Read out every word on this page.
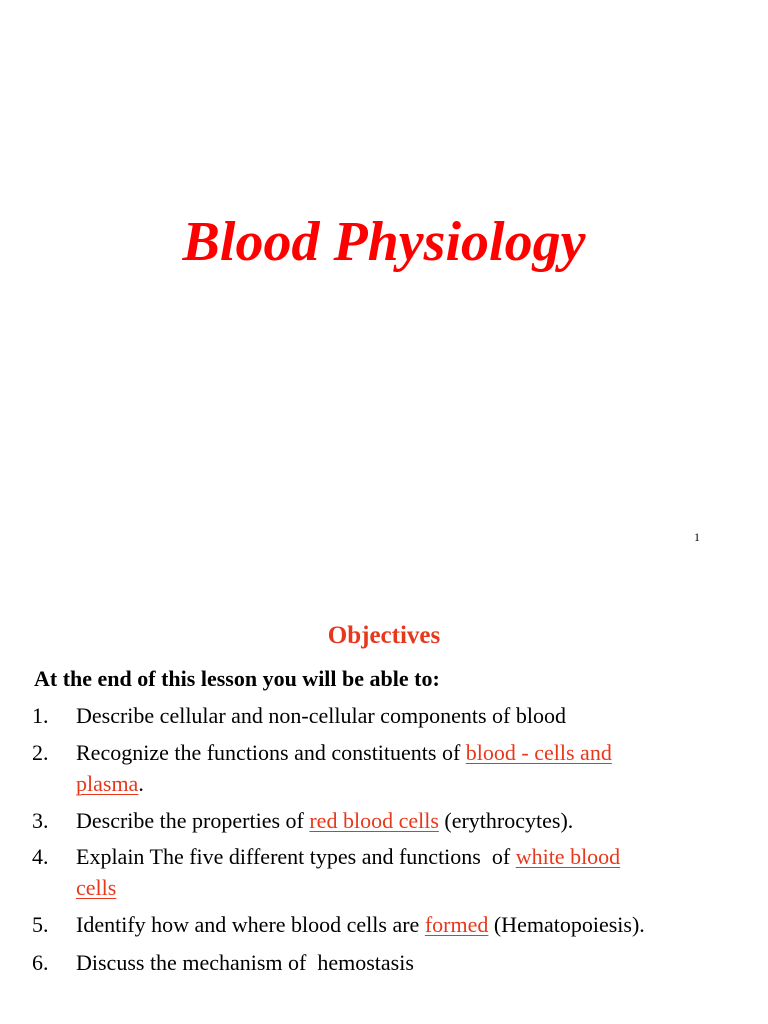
Blood Physiology
1
Objectives

At the end of this lesson you will be able to:

1. Describe cellular and non-cellular components of blood
2. Recognize the functions and constituents of blood - cells and
plasma.
3. Describe the properties of red blood cells (erythrocytes).
4. Explain The five different types and functions  of white blood
cells
5. Identify how and where blood cells are formed (Hematopoiesis).
6. Discuss the mechanism of  hemostasis
